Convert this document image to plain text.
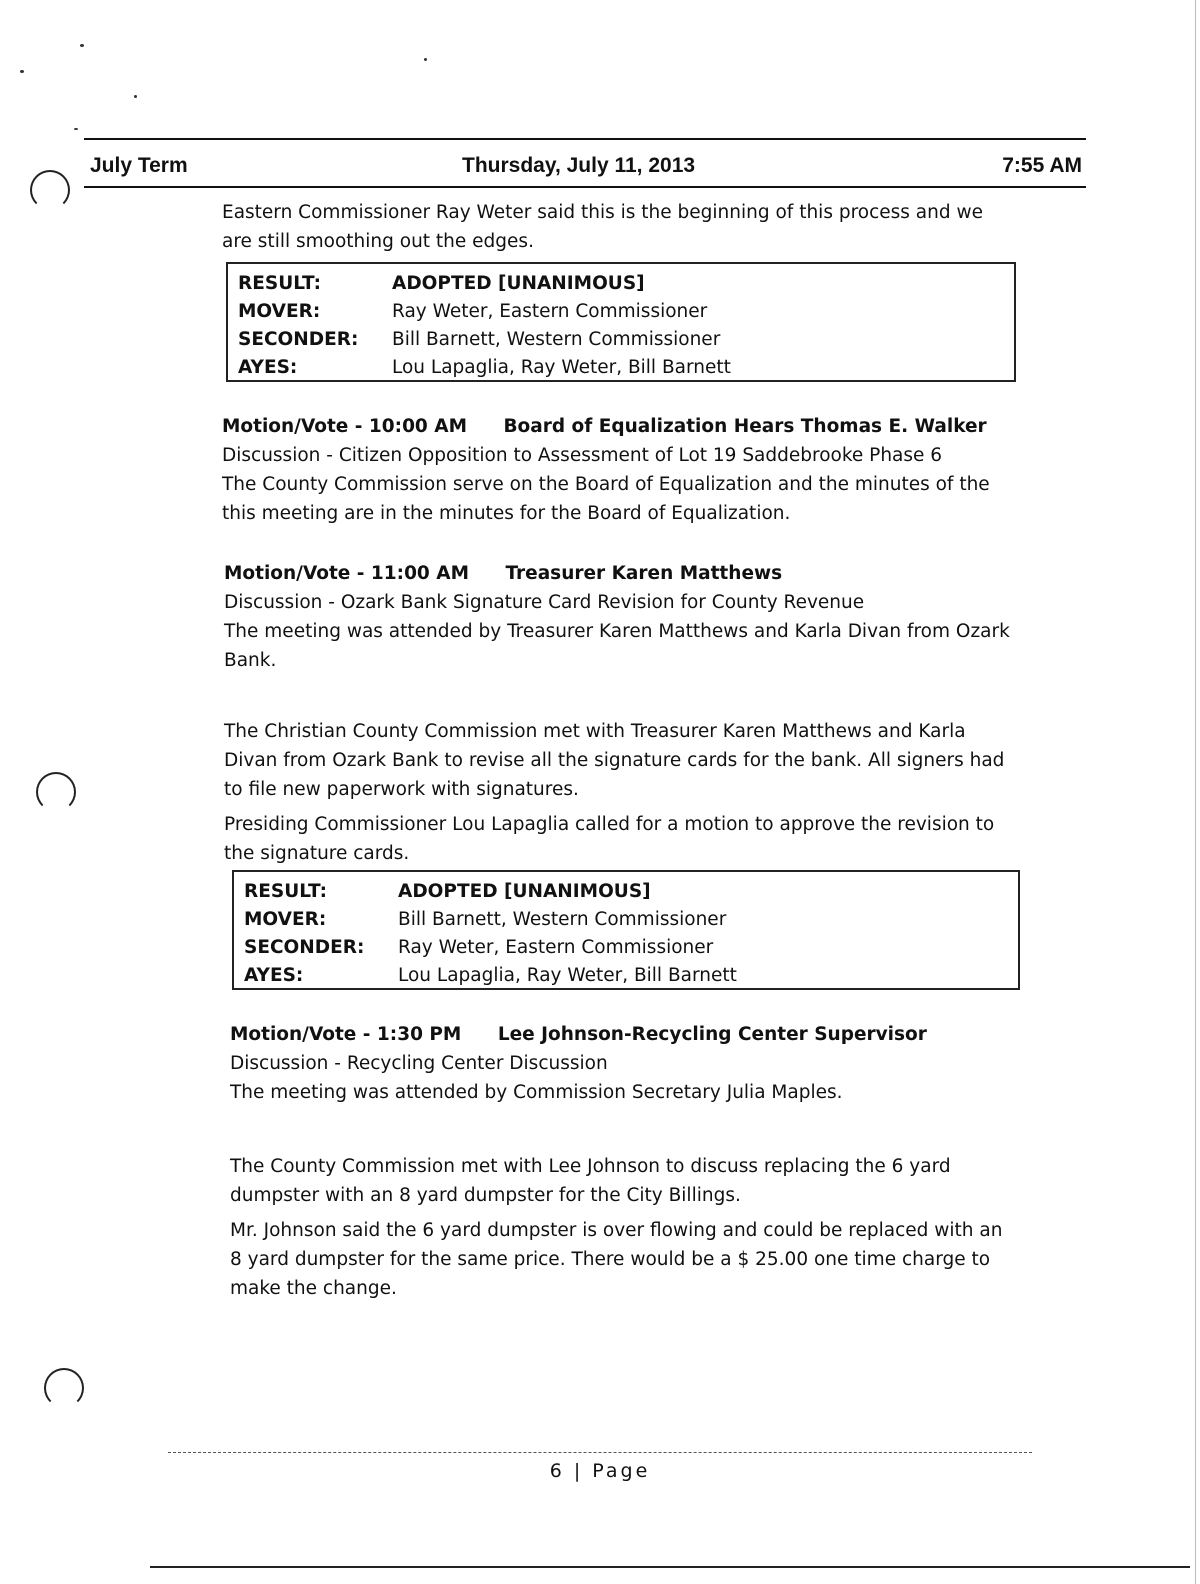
July Term	Thursday, July 11, 2013	7:55 AM

Eastern Commissioner Ray Weter said this is the beginning of this process and we are still smoothing out the edges.

RESULT:	ADOPTED [UNANIMOUS]
MOVER:	Ray Weter, Eastern Commissioner
SECONDER:	Bill Barnett, Western Commissioner
AYES:	Lou Lapaglia, Ray Weter, Bill Barnett

Motion/Vote - 10:00 AM Board of Equalization Hears Thomas E. Walker

Discussion - Citizen Opposition to Assessment of Lot 19 Saddebrooke Phase 6

The County Commission serve on the Board of Equalization and the minutes of the this meeting are in the minutes for the Board of Equalization.

Motion/Vote - 11:00 AM Treasurer Karen Matthews

Discussion - Ozark Bank Signature Card Revision for County Revenue

The meeting was attended by Treasurer Karen Matthews and Karla Divan from Ozark Bank.

The Christian County Commission met with Treasurer Karen Matthews and Karla Divan from Ozark Bank to revise all the signature cards for the bank. All signers had to file new paperwork with signatures.

Presiding Commissioner Lou Lapaglia called for a motion to approve the revision to the signature cards.

RESULT:	ADOPTED [UNANIMOUS]
MOVER:	Bill Barnett, Western Commissioner
SECONDER:	Ray Weter, Eastern Commissioner
AYES:	Lou Lapaglia, Ray Weter, Bill Barnett

Motion/Vote - 1:30 PM Lee Johnson-Recycling Center Supervisor

Discussion - Recycling Center Discussion

The meeting was attended by Commission Secretary Julia Maples.

The County Commission met with Lee Johnson to discuss replacing the 6 yard dumpster with an 8 yard dumpster for the City Billings.

Mr. Johnson said the 6 yard dumpster is over flowing and could be replaced with an 8 yard dumpster for the same price. There would be a $ 25.00 one time charge to make the change.

6 | Page
